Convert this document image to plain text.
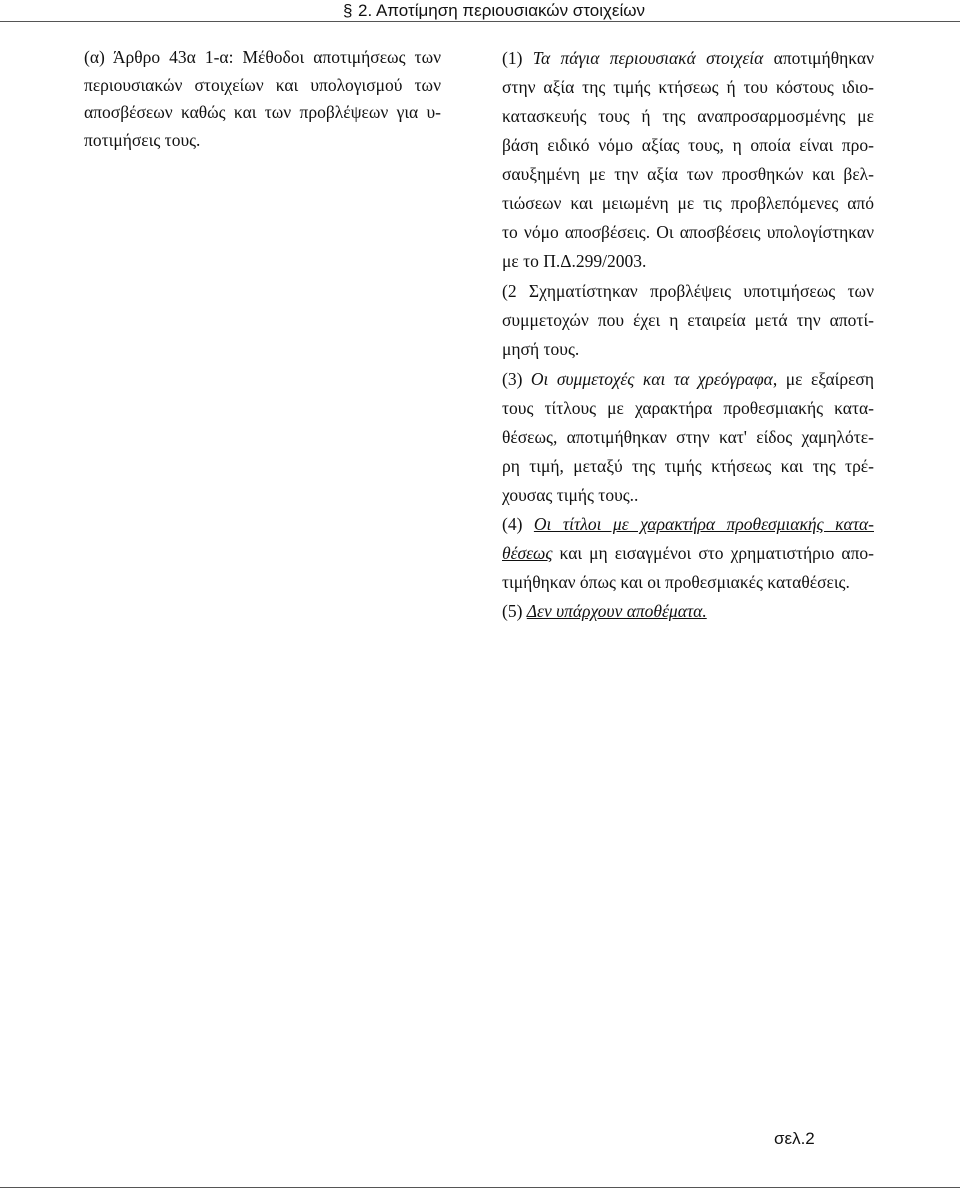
§ 2. Αποτίμηση περιουσιακών στοιχείων
(α) Άρθρο 43α 1-α: Μέθοδοι αποτιμήσεως των
περιουσιακών στοιχείων και υπολογισμού των
αποσβέσεων καθώς και των προβλέψεων για υ-
ποτιμήσεις τους.
(1) Τα πάγια περιουσιακά στοιχεία αποτιμήθηκαν
στην αξία της τιμής κτήσεως ή του κόστους ιδιο-
κατασκευής τους ή της αναπροσαρμοσμένης με
βάση ειδικό νόμο αξίας τους, η οποία είναι προ-
σαυξημένη με την αξία των προσθηκών και βελ-
τιώσεων και μειωμένη με τις προβλεπόμενες από
το νόμο αποσβέσεις. Οι αποσβέσεις υπολογίστηκαν
με το Π.Δ.299/2003.
(2 Σχηματίστηκαν προβλέψεις υποτιμήσεως των
συμμετοχών που έχει η εταιρεία μετά την αποτί-
μησή τους.
(3) Οι συμμετοχές και τα χρεόγραφα, με εξαίρεση
τους τίτλους με χαρακτήρα προθεσμιακής κατα-
θέσεως, αποτιμήθηκαν στην κατ' είδος χαμηλότε-
ρη τιμή, μεταξύ της τιμής κτήσεως και της τρέ-
χουσας τιμής τους..
(4) Οι τίτλοι με χαρακτήρα προθεσμιακής κατα-
θέσεως και μη εισαγμένοι στο χρηματιστήριο απο-
τιμήθηκαν όπως και οι προθεσμιακές καταθέσεις.
(5) Δεν υπάρχουν αποθέματα.
σελ.2
